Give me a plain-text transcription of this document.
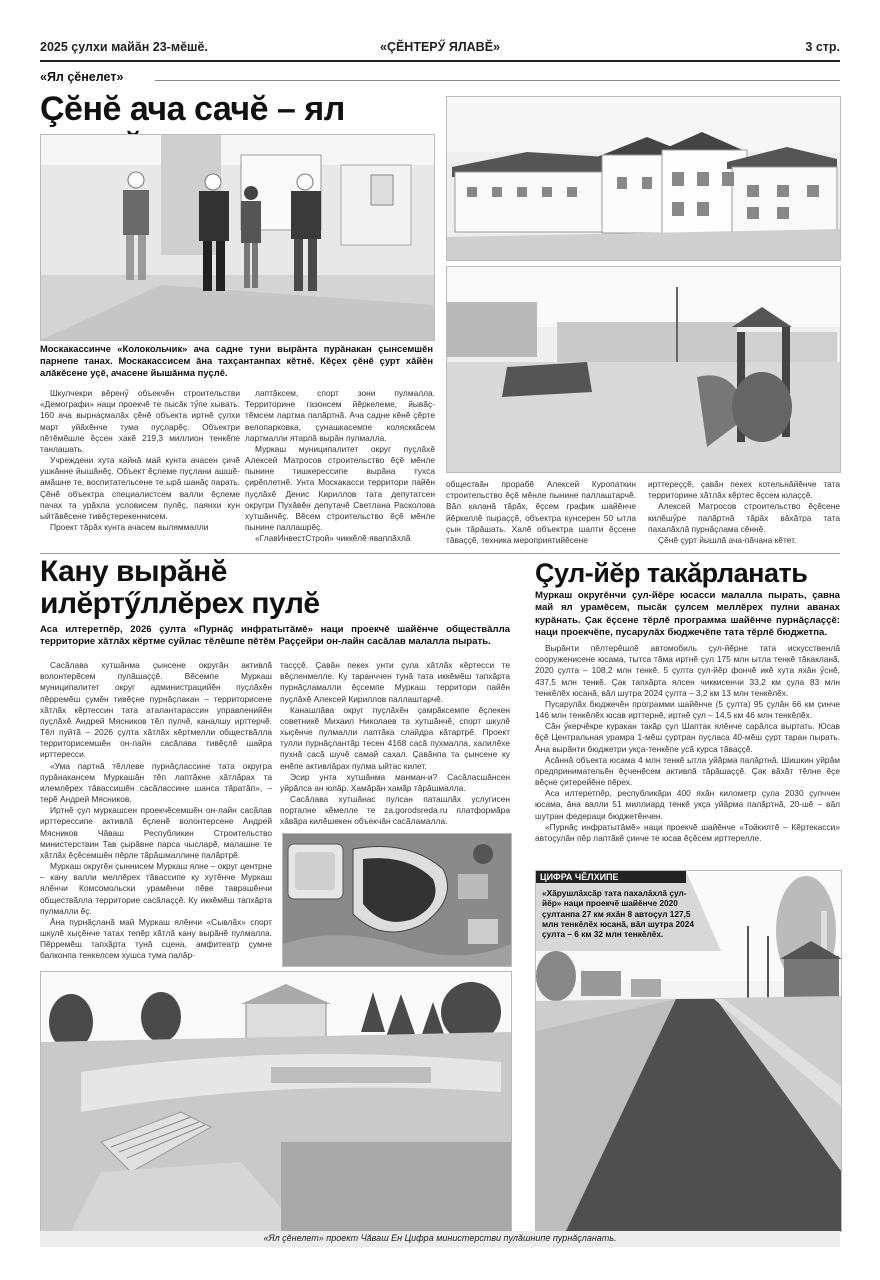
2025 çулхи майăн 23-мĕшĕ.	«ÇĔНТЕРӲ ЯЛАВĔ»	3 стр.
«Ял çĕнелет»
Çĕнĕ ача сачĕ – ял
Москакассинче «Колокольчик» ача садне туни вырăнта пурăнакан çынсемшĕн парнепе танах. Москакассисем ăна тахçантанпах кĕтнĕ. Кĕçех çĕнĕ çурт хăйĕн алăкĕсене уçĕ, ачасене йышăнма пуçлĕ.

Шкулчекри вĕренӳ объекчĕн строительстви «Демографи» наци проекчĕ те пысăк тӳпе хывать. 160 ача вырнаçмалăх çĕнĕ объекта иртнĕ çулхи март уйăхĕнче тума пуçларĕç. Объектри пĕтĕмĕшле ĕçсен хакĕ 219,3 миллион тенкĕпе танлашать.

Учреждени хута кайнă май кунта ачасен çичĕ ушкăнне йышăнĕç. Объект ĕçлеме пуçлани ашшĕ-амăшне те, воспитательсене те ырă шанăç парать. Çĕнĕ объектра специалистсем валли ĕçлеме пачах та урăхла условисем пулĕç, паянхи кун ыйтăвĕсене тивĕçтерекеннисем.

Проект тăрăх кунта ачасем выляммалли

лаптăксем, спорт зони пулмалла. Территорине газонсем йĕркелеме, йывăç-тĕмсем лартма палăртнă. Ача садне кĕнĕ çĕрте велопарковка, çунашкасемпе колясккăсем лартмалли ятарлă вырăн пулмалла.

Муркаш муниципалитет округ пуçлăхĕ Алексей Матросов строительство ĕçĕ мĕнле пынине тишкерессипе вырăна тухса çирĕплетнĕ. Унта Москакасси территори пайĕн пуçлăхĕ Денис Кириллов тата депутатсен округри Пухăвĕн депутачĕ Светлана Расколова хутшăнчĕç. Вĕсем строительство ĕçĕ мĕнле пынине паллашрĕç.

«ГлавИнвестСтрой» чиккĕлĕ яваплăхлă

обществăн прорабĕ Алексей Куропаткин строительство ĕçĕ мĕнле пынине паллаштарчĕ. Вăл каланă тăрăх, ĕçсем график шайĕнче йĕркеллĕ пыраççĕ, объектра кунсерен 50 ытла çын тăрăшать. Халĕ объектра шалти ĕçсене тăваççĕ, техника мероприятийĕсене

ирттереççĕ, çавăн пекех котельнăйĕнче тата территорине хăтлăх кĕртес ĕçсем юлаççĕ.

Алексей Матросов строительство ĕçĕсене килĕшӳре палăртнă тăрăх вăхăтра тата пахалăхлă пурнăçлама сĕннĕ.

Çĕнĕ çурт йышлă ача-пăчана кĕтет.

Кану вырăнĕ
илĕртӳллĕрех пулĕ
Аса илтеретпĕр, 2026 çулта «Пурнăç инфратытăмĕ» наци проекчĕ шайĕнче обществăлла территорие хăтлăх кĕртме суйлас тĕлĕшпе пĕтĕм Раççейри он-лайн сасăлав малалла пырать.

Сасăлава хутшăнма çынсене округăн активлă волонтерĕсем пулăшаççĕ. Вĕсемпе Муркаш муниципалитет округ администрацийĕн пуçлăхĕн пĕрремĕш çумĕн тивĕçне пурнăçлакан – территорисене хăтлăх кĕртессин тата аталантарассин управленийĕн пуçлăхĕ Андрей Мясников тĕл пулчĕ, каналшу ирттерчĕ. Тĕл пуйтă – 2026 çулта хăтлăх кĕртмелли обществăлла территорисемшĕн он-лайн сасăлава тивĕçлĕ шайра ирттересси.

«Ума партнă тĕллеве пурнăçлассине тата округра пурăнакансем Муркашăн тĕп лаптăкне хăтлăрах та илемлĕрех тăвассишĕн сасăлассине шанса тăратăп», – терĕ Андрей Мясников.

Иртнĕ çул муркашсен проекчĕсемшĕн он-лайн сасăлав ирттерессипе активлă ĕçленĕ волонтерсене Андрей Мясников Чăваш Республикин Строительство министерствин Тав çырăвне парса чысларĕ, малашне те хăтлăх ĕçĕсемшĕн пĕрле тăрăшмаллине палăртрĕ.

Муркаш округĕн çыннисем Муркаш ялне – округ центрне – кану валли меллĕрех тăвассипе ку хутĕнче Муркаш ялĕнчи Комсомольски урамĕнчи пĕве таврашĕнчи обществăлла территорие сасăлаççĕ. Ку иккĕмĕш тапхăрта пулмалли ĕç.

Ăна пурнăçланă май Муркаш ялĕнчи «Сывлăх» спорт шкулĕ хыçĕнче татах тепĕр хăтлă кану вырăнĕ пулмалла. Пĕрремĕш тапхăрта тунă сцена, амфитеатр çумне балконпа тенкелсем хушса тума палăр-

тасççĕ. Çавăн пекех унти çула хăтлăх кĕртесси те вĕçленмелле. Ку таранччен тунă тата иккĕмĕш тапхăрта пурнăçламалли ĕçсемпе Муркаш территори пайĕн пуçлăхĕ Алексей Кириллов паллаштарчĕ.

Канашлăва округ пуçлăхĕн çамрăксемпе ĕçлекен советникĕ Михаил Николаев та хутшăнчĕ, спорт шкулĕ хыçĕнче пулмалли лаптăка слайдра кăтартрĕ. Проект тулли пурнăçлантăр тесен 4168 сасă пухмалла, халилĕхе пухнă сасă шучĕ самай сахал. Çавăнпа та çынсене ку енĕпе активлăрах пулма ыйтас килет.

Эсир унта хутшăнма манман-и? Сасăласшăнсен уйрăлса ан юлăр. Хамăрăн хамăр тăрăшмалла.

Сасăлава хутшăнас пулсан паташлăх услугисен порталне кĕмелле те za.gorodsreda.ru платформăра хăвăра килĕшекен объекчăн сасăламалла.

Çул-йĕр такăрланать
Муркаш округĕнчи çул-йĕре юсасси малалла пырать, çавна май ял урамĕсем, пысăк çулсем меллĕрех пулни аванах курăнать. Çак ĕçсене тĕрлĕ программа шайĕнче пурнăçлаççĕ: наци проекчĕпе, пусарулăх бюджечĕпе тата тĕрлĕ бюджетпа.

Вырăнти пĕлтерĕшлĕ автомобиль çул-йĕрне тата искусственлă сооруженисене юсама, тытса тăма иртнĕ çул 175 млн ытла тенкĕ тăкакланă, 2020 çулта – 108,2 млн тенкĕ. 5 çулта çул-йĕр фончĕ икĕ хута яхăн ӳснĕ, 437,5 млн тенкĕ. Çак тапхăрта ялсен чиккисенчи 33,2 км çула 83 млн тенкĕлĕх юсанă, вăл шутра 2024 çулта – 3,2 км 13 млн тенкĕлĕх.

Пусарулăх бюджечĕн программи шайĕнче (5 çулта) 95 çулăн 66 км çинче 146 млн тенкĕлĕх юсав ирттернĕ, иртнĕ çул – 14,5 км 46 млн тенкĕлĕх.

Сăн ӳкерчĕкре куракан такăр çул Шаптак ялĕнче сарăлса выртать. Юсав ĕçĕ Центральная урамра 1-мĕш çуртран пуçласа 40-мĕш çурт таран пырать. Ăна вырăнти бюджетри укçа-тенкĕпе усă курса тăваççĕ.

Асăннă объекта юсама 4 млн тенкĕ ытла уйăрма палăртнă. Шишкин уйрăм предпринимательĕн ĕçченĕсем активлă тăрăшаççĕ. Çак вăхăт тĕлне ĕçе вĕçне çитерейĕне пĕрех.

Аса илтеретпĕр, республикăри 400 яхăн километр çула 2030 çулччен юсама, ăна валли 51 миллиард тенкĕ укçа уйăрма палăртнă, 20-шĕ – вăл шутран федераци бюджетĕнчен.

«Пурнăç инфратытăмĕ» наци проекчĕ шайĕнче «Тойкилтĕ – Кĕртекасси» автоçулăн пĕр лаптăкĕ çинче те юсав ĕçĕсем ирттерелле.

ЦИФРА ЧĔЛХИПЕ
«Хăрушлăхсăр тата пахалăхлă çул-йĕр» наци проекчĕ шайĕнче 2020 çултанпа 27 км яхăн 8 автоçул 127,5 млн тенкĕлĕх юсанă, вăл шутра 2024 çулта – 6 км 32 млн тенкĕлĕх.
«Ял çĕнелет» проект Чăваш Ен Цифра министерстви пулăшнипе пурнăçланать.
